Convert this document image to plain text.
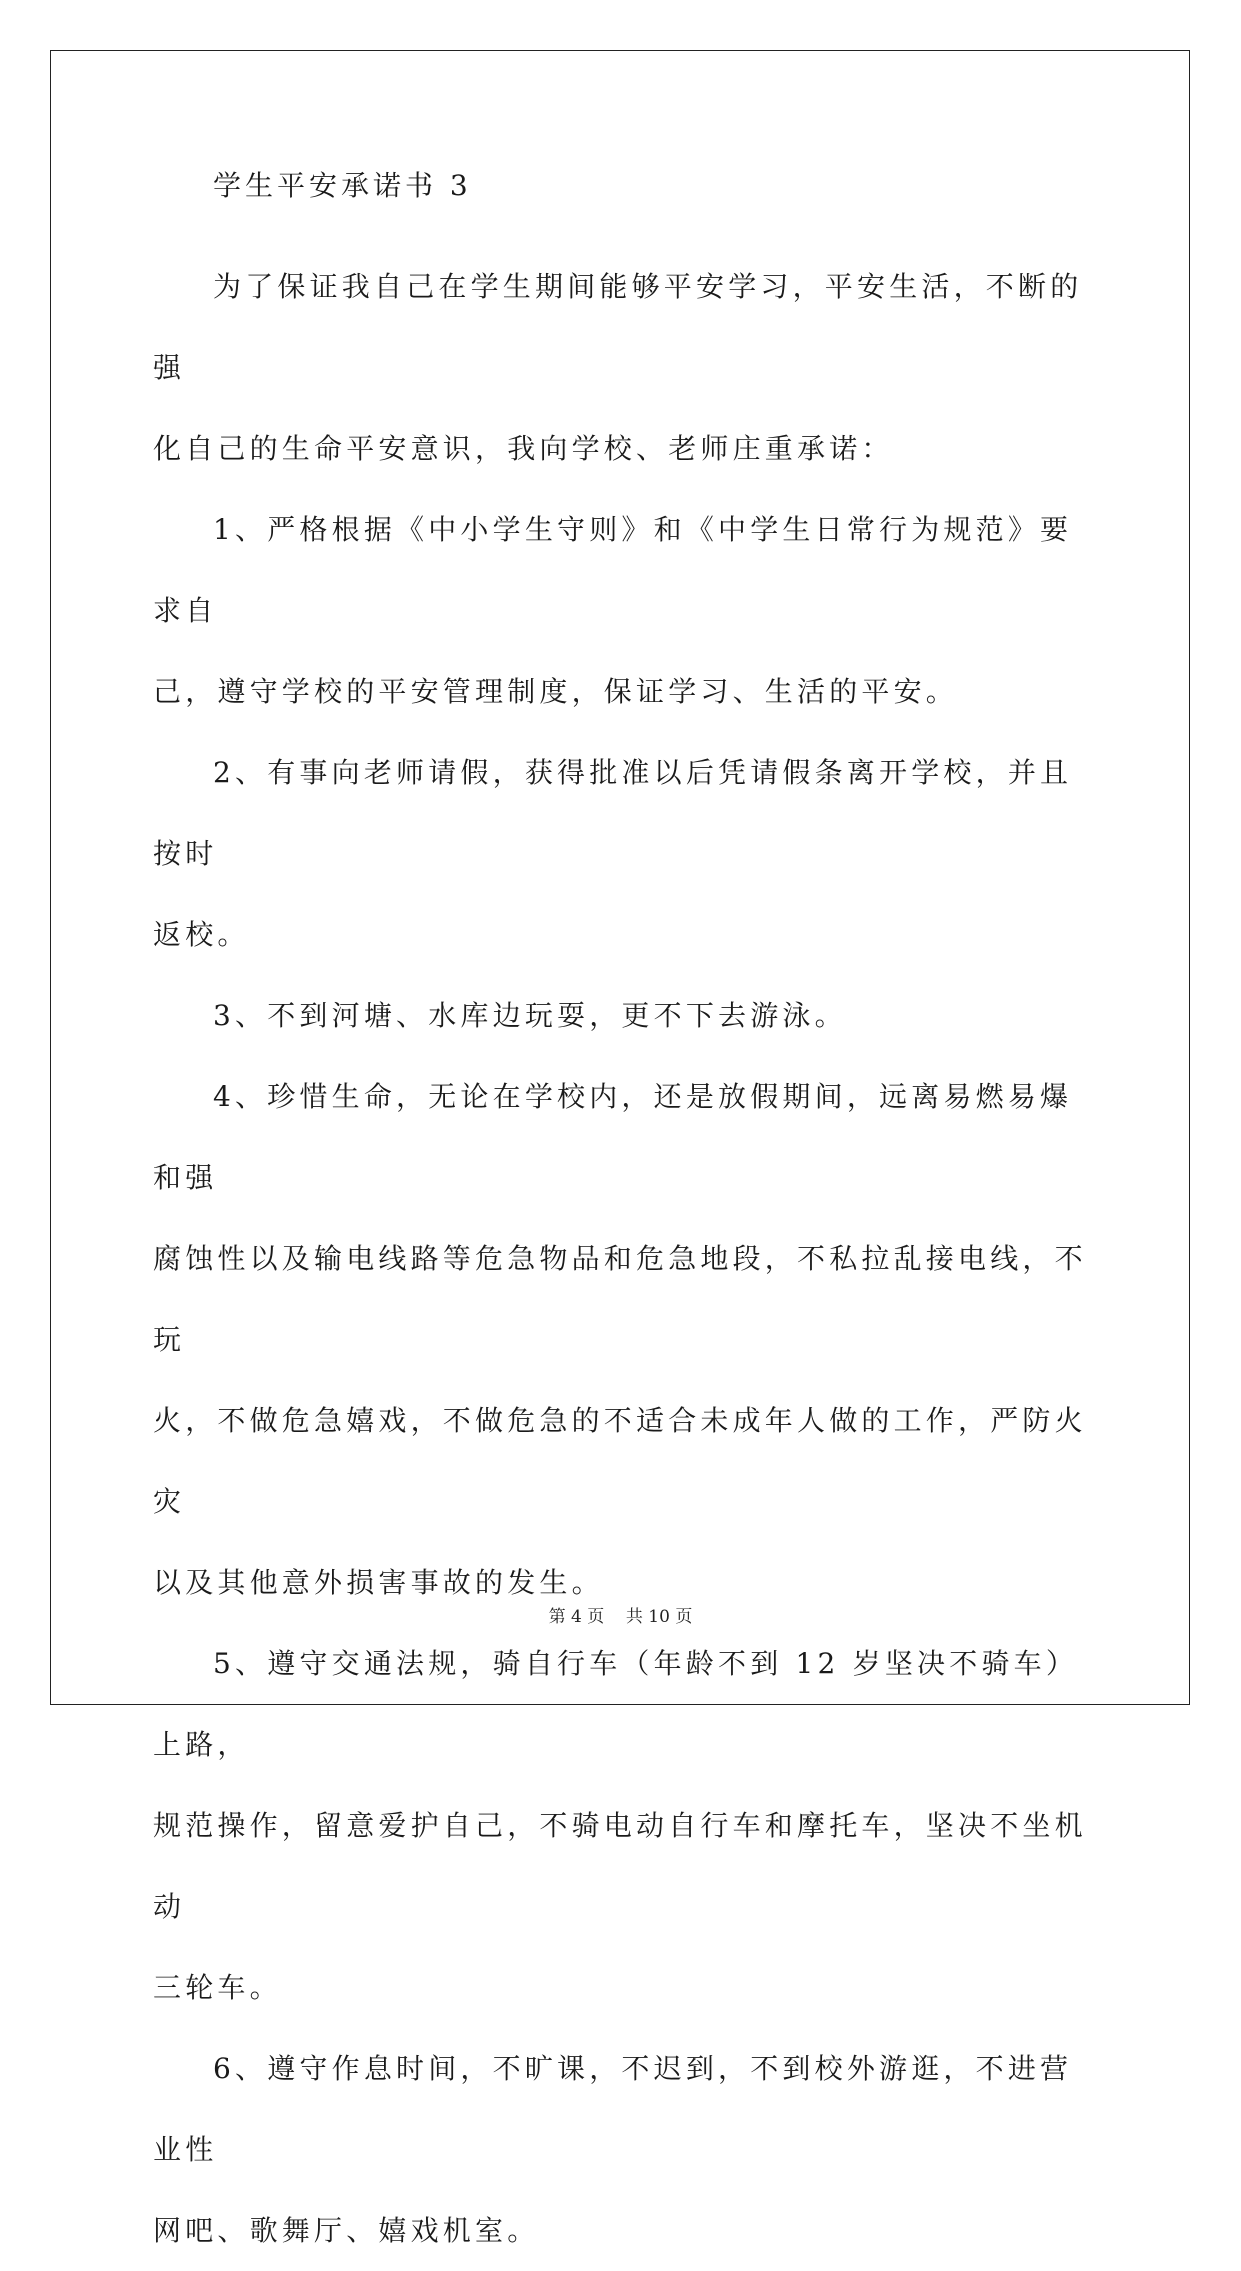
学生平安承诺书 3

为了保证我自己在学生期间能够平安学习，平安生活，不断的强
化自己的生命平安意识，我向学校、老师庄重承诺：

1、严格根据《中小学生守则》和《中学生日常行为规范》要求自
己，遵守学校的平安管理制度，保证学习、生活的平安。

2、有事向老师请假，获得批准以后凭请假条离开学校，并且按时
返校。

3、不到河塘、水库边玩耍，更不下去游泳。

4、珍惜生命，无论在学校内，还是放假期间，远离易燃易爆和强
腐蚀性以及输电线路等危急物品和危急地段，不私拉乱接电线，不玩
火，不做危急嬉戏，不做危急的不适合未成年人做的工作，严防火灾
以及其他意外损害事故的发生。

5、遵守交通法规，骑自行车（年龄不到 12 岁坚决不骑车）上路，
规范操作，留意爱护自己，不骑电动自行车和摩托车，坚决不坐机动
三轮车。

6、遵守作息时间，不旷课，不迟到，不到校外游逛，不进营业性
网吧、歌舞厅、嬉戏机室。

第 4 页    共 10 页
